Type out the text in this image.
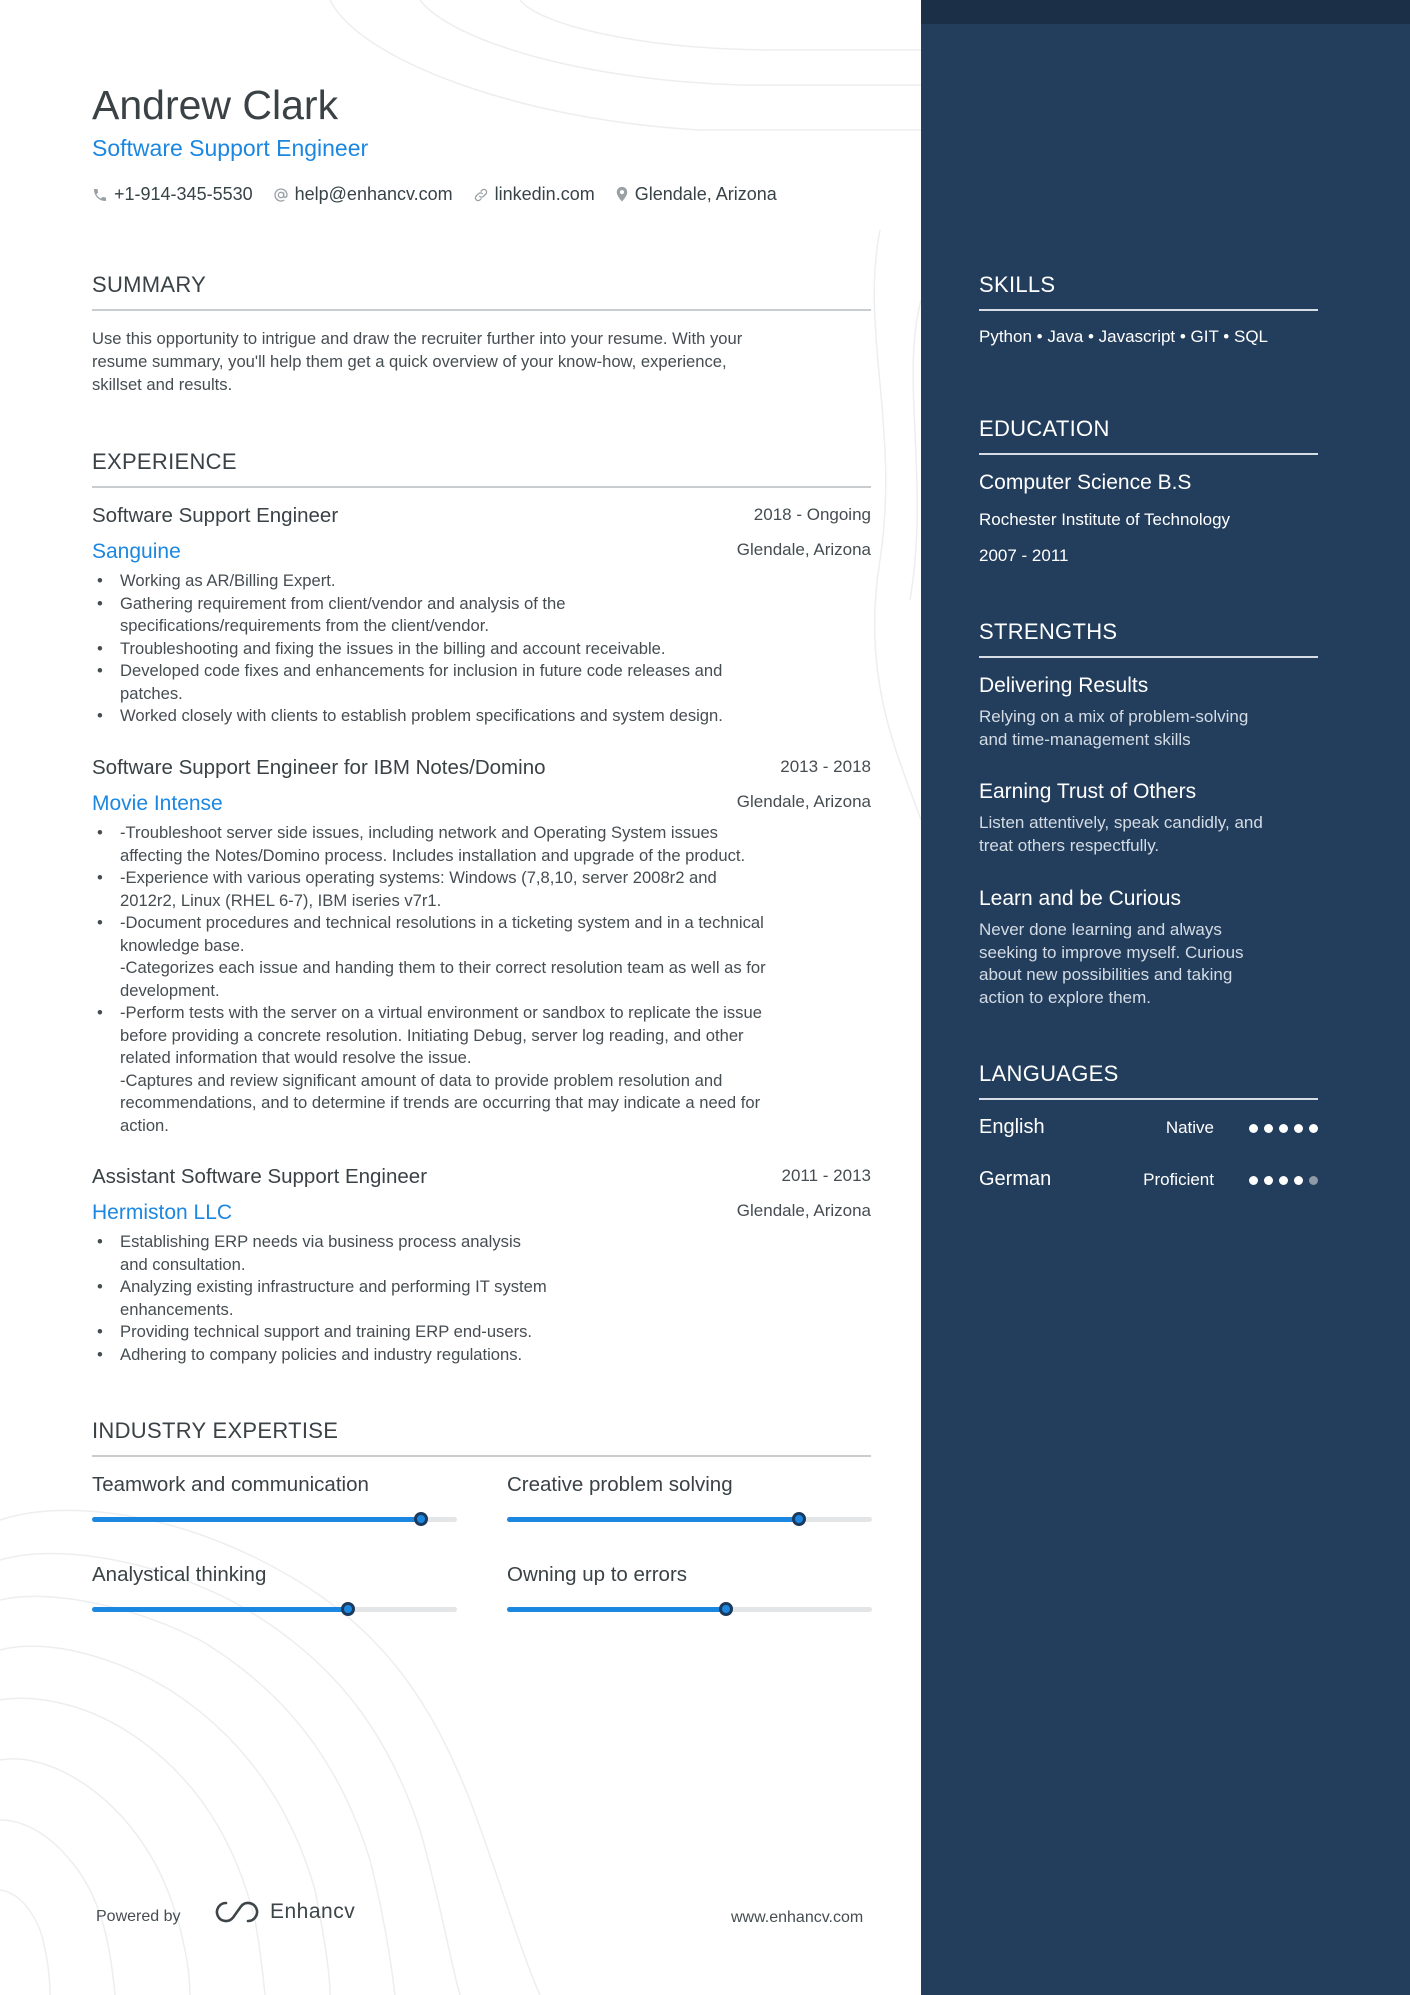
Andrew Clark
Software Support Engineer
+1-914-345-5530 help@enhancv.com linkedin.com Glendale, Arizona
SUMMARY
Use this opportunity to intrigue and draw the recruiter further into your resume. With your
resume summary, you'll help them get a quick overview of your know-how, experience,
skillset and results.
EXPERIENCE
Software Support Engineer	2018 - Ongoing
Sanguine	Glendale, Arizona
• Working as AR/Billing Expert.
• Gathering requirement from client/vendor and analysis of the
specifications/requirements from the client/vendor.
• Troubleshooting and fixing the issues in the billing and account receivable.
• Developed code fixes and enhancements for inclusion in future code releases and
patches.
• Worked closely with clients to establish problem specifications and system design.
Software Support Engineer for IBM Notes/Domino	2013 - 2018
Movie Intense	Glendale, Arizona
• -Troubleshoot server side issues, including network and Operating System issues
affecting the Notes/Domino process. Includes installation and upgrade of the product.
• -Experience with various operating systems: Windows (7,8,10, server 2008r2 and
2012r2, Linux (RHEL 6-7), IBM iseries v7r1.
• -Document procedures and technical resolutions in a ticketing system and in a technical
knowledge base.
-Categorizes each issue and handing them to their correct resolution team as well as for
development.
• -Perform tests with the server on a virtual environment or sandbox to replicate the issue
before providing a concrete resolution. Initiating Debug, server log reading, and other
related information that would resolve the issue.
-Captures and review significant amount of data to provide problem resolution and
recommendations, and to determine if trends are occurring that may indicate a need for
action.
Assistant Software Support Engineer	2011 - 2013
Hermiston LLC	Glendale, Arizona
• Establishing ERP needs via business process analysis
and consultation.
• Analyzing existing infrastructure and performing IT system
enhancements.
• Providing technical support and training ERP end-users.
• Adhering to company policies and industry regulations.
INDUSTRY EXPERTISE
Teamwork and communication	Creative problem solving
Analystical thinking	Owning up to errors
Powered by	Enhancv	www.enhancv.com
SKILLS
Python • Java • Javascript • GIT • SQL
EDUCATION
Computer Science B.S
Rochester Institute of Technology
2007 - 2011
STRENGTHS
Delivering Results
Relying on a mix of problem-solving
and time-management skills
Earning Trust of Others
Listen attentively, speak candidly, and
treat others respectfully.
Learn and be Curious
Never done learning and always
seeking to improve myself. Curious
about new possibilities and taking
action to explore them.
LANGUAGES
English	Native
German	Proficient
